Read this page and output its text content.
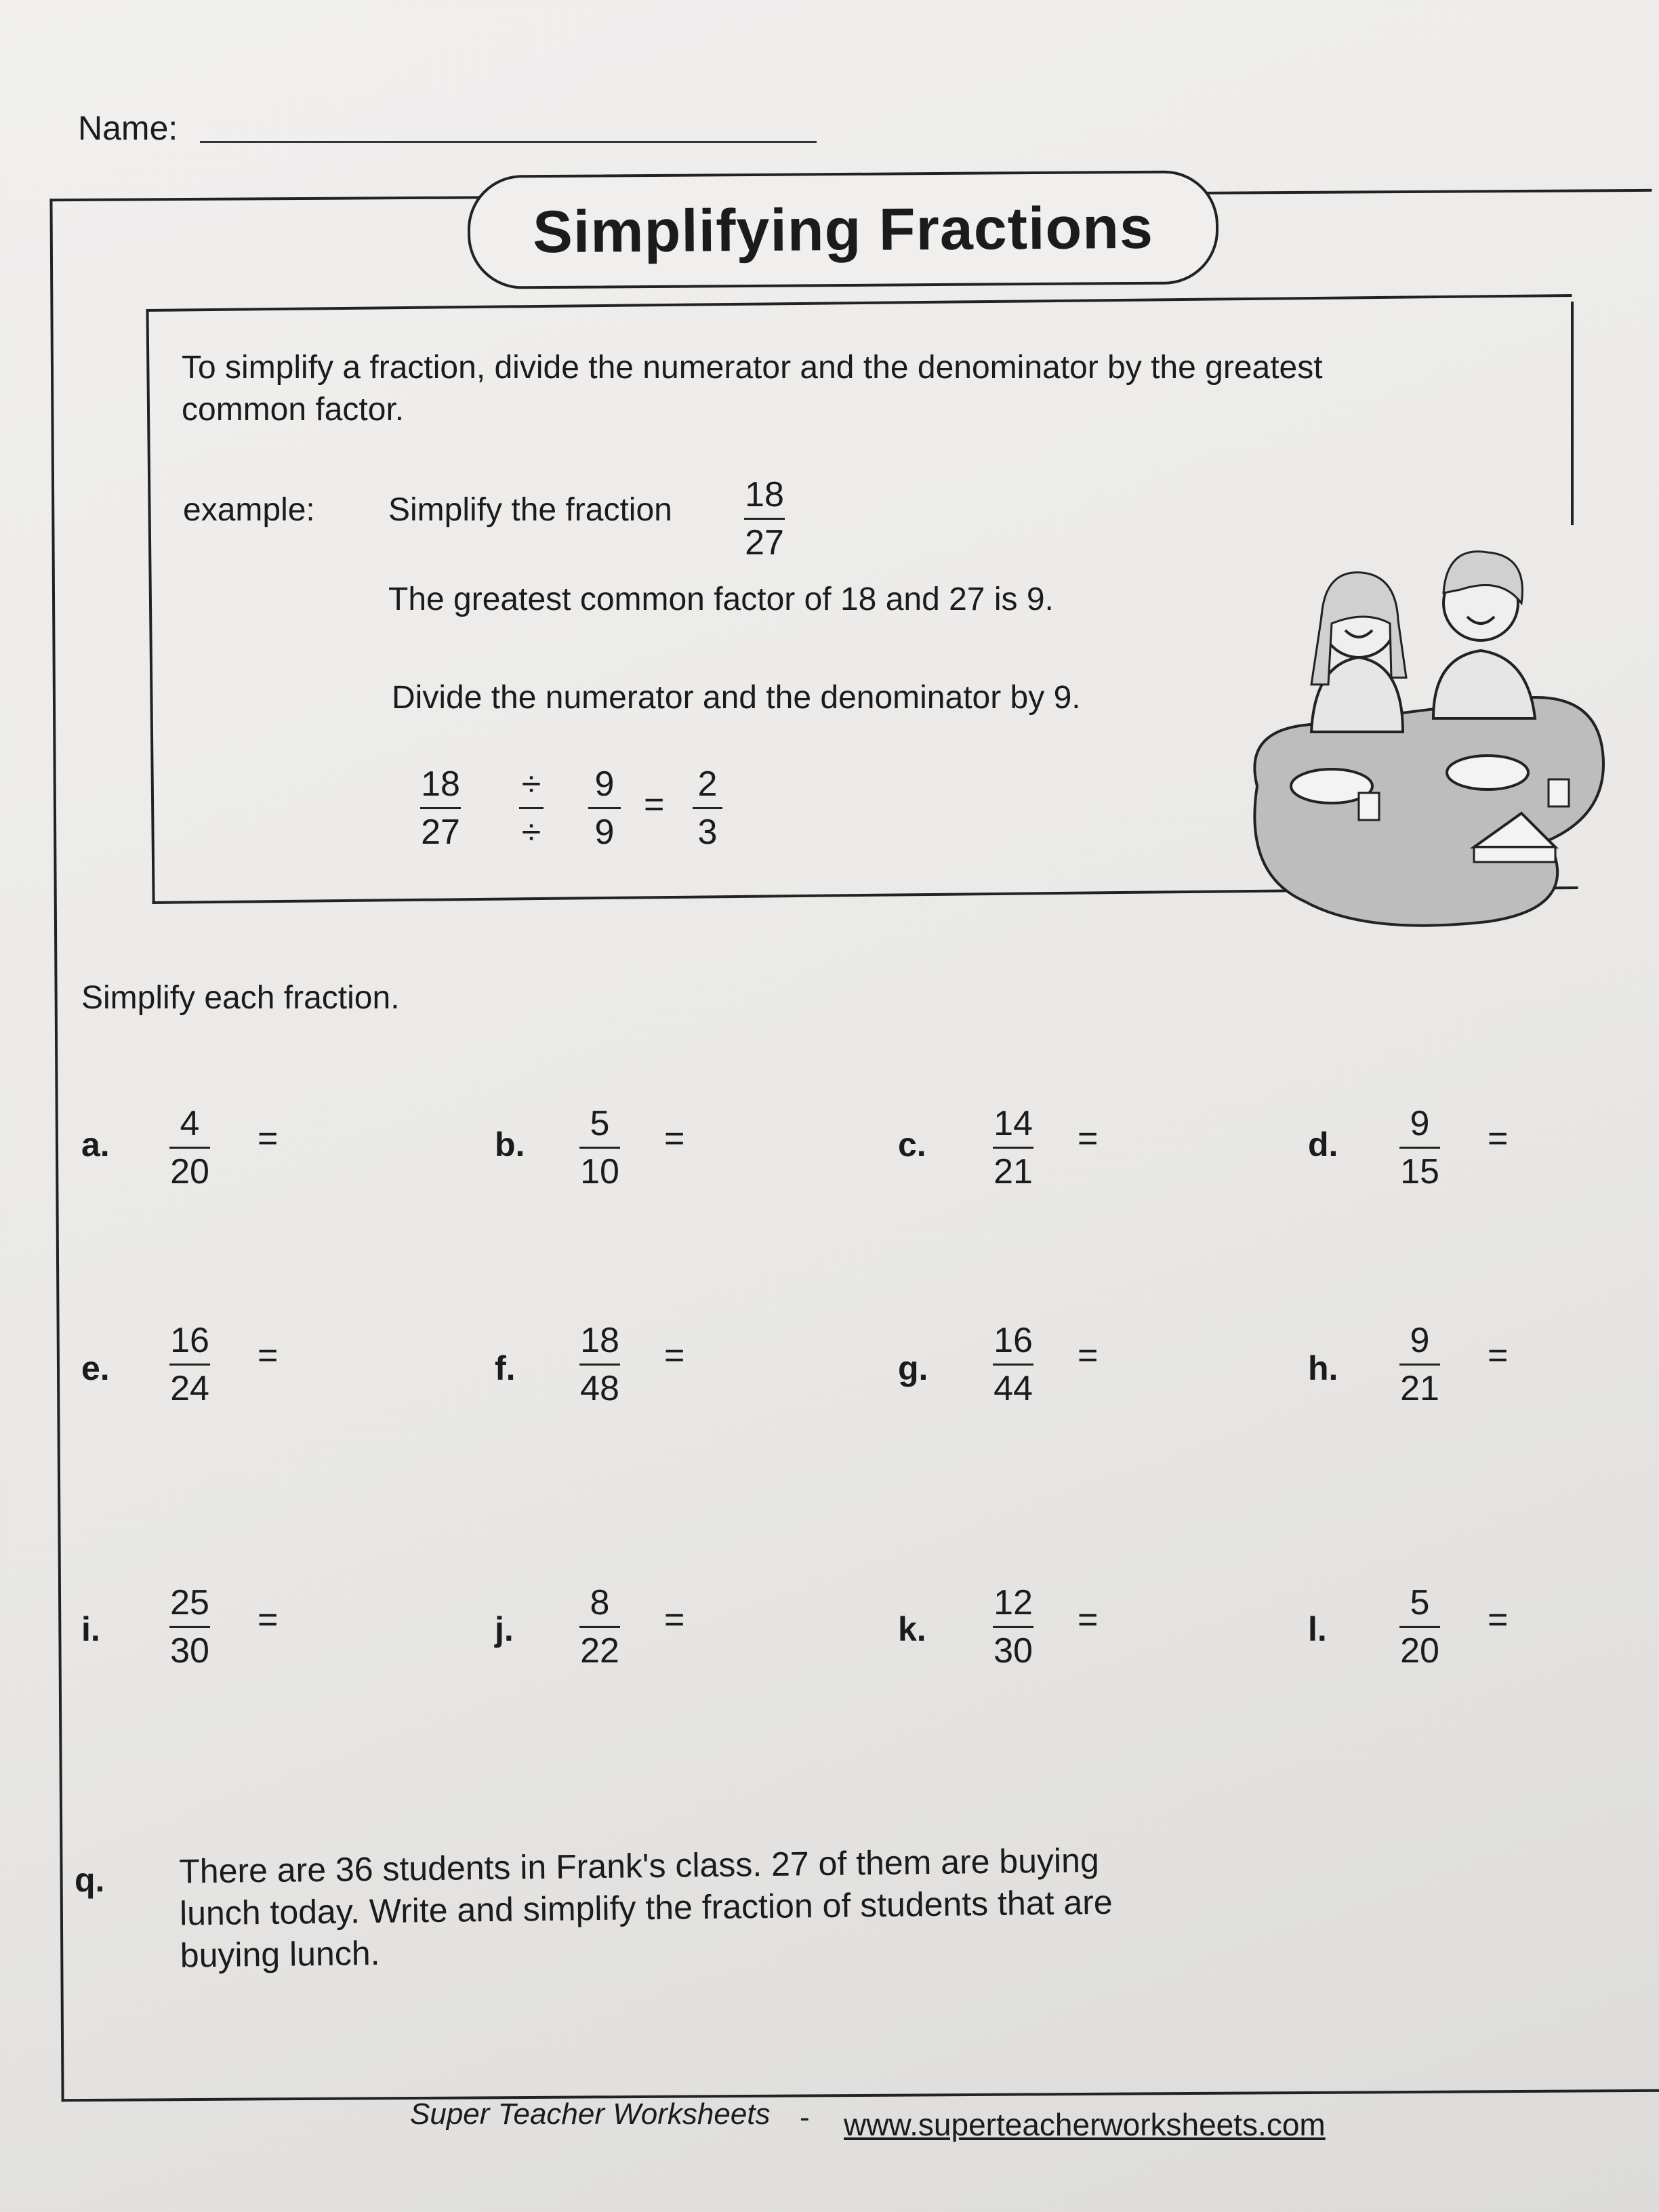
Name:
Simplifying Fractions
To simplify a fraction, divide the numerator and the denominator by the greatest common factor.
example: Simplify the fraction 18
27
The greatest common factor of 18 and 27 is 9.
Divide the numerator and the denominator by 9.
18
27
÷
÷
9
9
=
2
3
Simplify each fraction.
a.
4
20
=	b.
5
10
=	c.
14
21
=	d.
9
15
=
e.
16
24
=	f.
18
48
=	g.
16
44
=	h.
9
21
=
i.
25
30
=	j.
8
22
=	k.
12
30
=	l.
5
20
=
q. There are 36 students in Frank's class. 27 of them are buying lunch today. Write and simplify the fraction of students that are buying lunch.
Super Teacher Worksheets - www.superteacherworksheets.com
